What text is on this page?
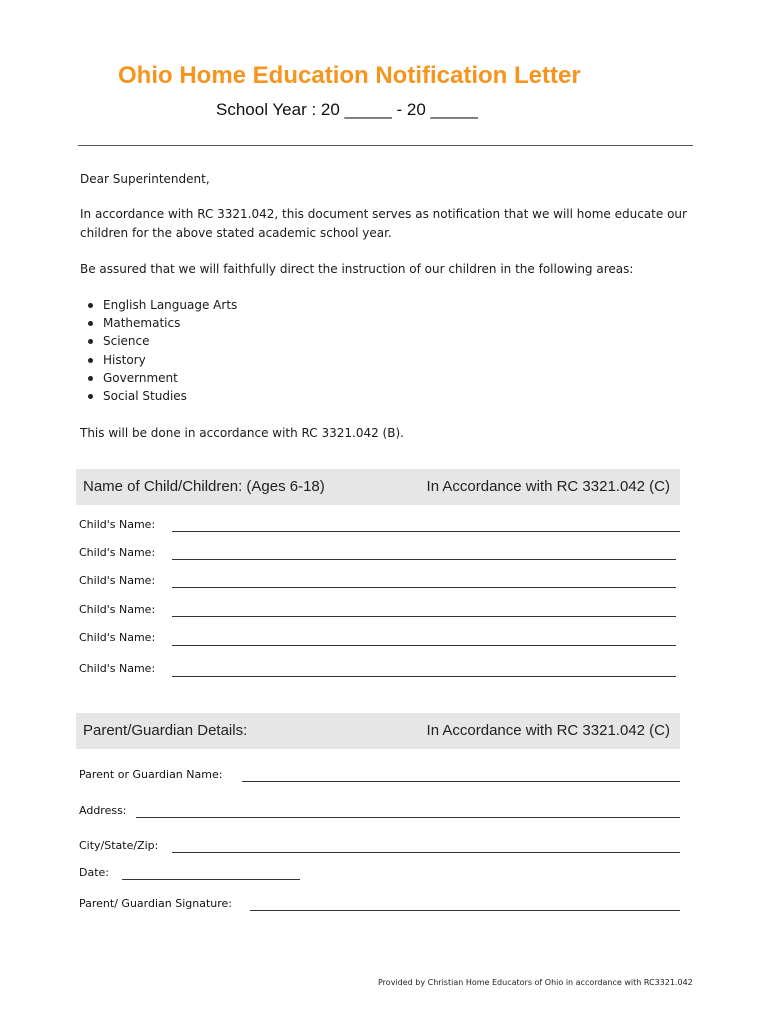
Ohio Home Education Notification Letter
School Year : 20 _____ - 20 _____
Dear Superintendent,
In accordance with RC 3321.042, this document serves as notification that we will home educate our
children for the above stated academic school year.
Be assured that we will faithfully direct the instruction of our children in the following areas:
English Language Arts
Mathematics
Science
History
Government
Social Studies
This will be done in accordance with RC 3321.042 (B).
Name of Child/Children: (Ages 6-18)	In Accordance with RC 3321.042 (C)
Child's Name:
Child's Name:
Child's Name:
Child's Name:
Child's Name:
Child's Name:
Parent/Guardian Details:	In Accordance with RC 3321.042 (C)
Parent or Guardian Name:
Address:
City/State/Zip:
Date:
Parent/ Guardian Signature:
Provided by Christian Home Educators of Ohio in accordance with RC3321.042
